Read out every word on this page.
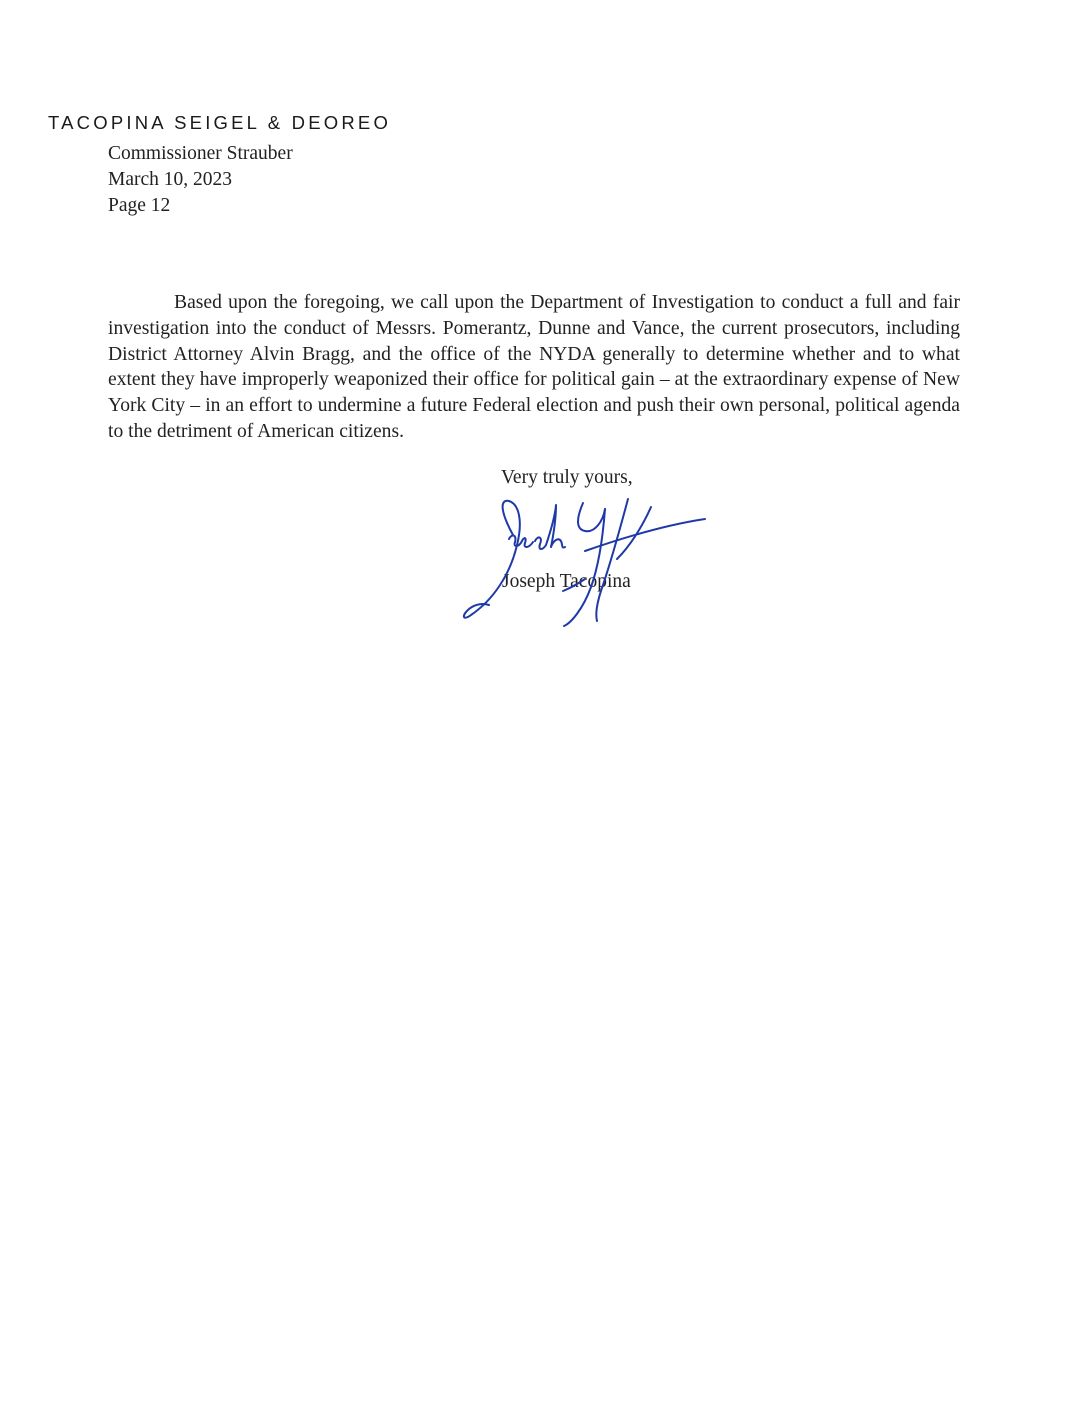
TACOPINA SEIGEL & DEOREO
Commissioner Strauber
March 10, 2023
Page 12

Based upon the foregoing, we call upon the Department of Investigation to conduct a full and fair investigation into the conduct of Messrs. Pomerantz, Dunne and Vance, the current prosecutors, including District Attorney Alvin Bragg, and the office of the NYDA generally to determine whether and to what extent they have improperly weaponized their office for political gain – at the extraordinary expense of New York City – in an effort to undermine a future Federal election and push their own personal, political agenda to the detriment of American citizens.

Very truly yours,
Joseph Tacopina
